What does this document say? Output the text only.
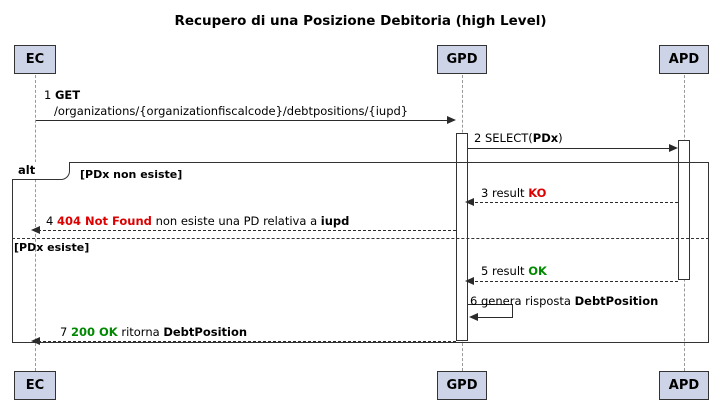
Recupero di una Posizione Debitoria (high Level)
EC	GPD	APD
EC	GPD	APD
1 GET
/organizations/{organizationfiscalcode}/debtpositions/{iupd}
2 SELECT(PDx)
alt	[PDx non esiste]
[PDx esiste]
3 result KO
4 404 Not Found non esiste una PD relativa a iupd
5 result OK
6 genera risposta DebtPosition
7 200 OK ritorna DebtPosition
